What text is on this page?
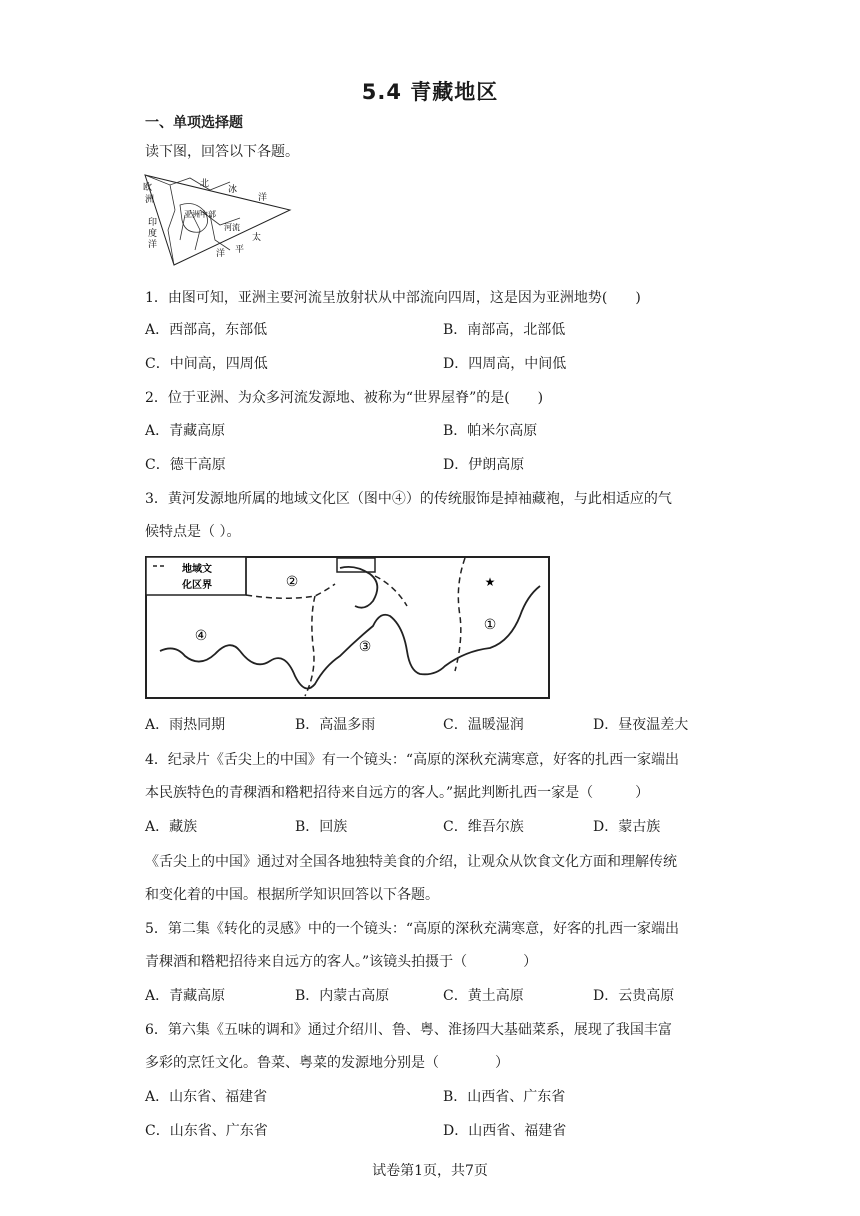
5.4 青藏地区
一、单项选择题
读下图，回答以下各题。
北
冰
洋
欧
洲
印
度
洋
亚洲中部
河流
太
平
洋
1．由图可知，亚洲主要河流呈放射状从中部流向四周，这是因为亚洲地势(　　)
A．西部高，东部低	B．南部高，北部低
C．中间高，四周低	D．四周高，中间低
2．位于亚洲、为众多河流发源地、被称为“世界屋脊”的是(　　)
A．青藏高原	B．帕米尔高原
C．德干高原	D．伊朗高原
3．黄河发源地所属的地域文化区（图中④）的传统服饰是掉袖藏袍，与此相适应的气
候特点是（ ）。
地域文
化区界	②
④
③
①
★
A．雨热同期	B．高温多雨	C．温暖湿润	D．昼夜温差大
4．纪录片《舌尖上的中国》有一个镜头：“高原的深秋充满寒意，好客的扎西一家端出
本民族特色的青稞酒和糌粑招待来自远方的客人。”据此判断扎西一家是（　　　）
A．藏族	B．回族	C．维吾尔族	D．蒙古族
《舌尖上的中国》通过对全国各地独特美食的介绍，让观众从饮食文化方面和理解传统
和变化着的中国。根据所学知识回答以下各题。
5．第二集《转化的灵感》中的一个镜头：“高原的深秋充满寒意，好客的扎西一家端出
青稞酒和糌粑招待来自远方的客人。”该镜头拍摄于（　　　　）
A．青藏高原	B．内蒙古高原	C．黄土高原	D．云贵高原
6．第六集《五味的调和》通过介绍川、鲁、粤、淮扬四大基础菜系，展现了我国丰富
多彩的烹饪文化。鲁菜、粤菜的发源地分别是（　　　　）
A．山东省、福建省	B．山西省、广东省
C．山东省、广东省	D．山西省、福建省
试卷第1页，共7页
